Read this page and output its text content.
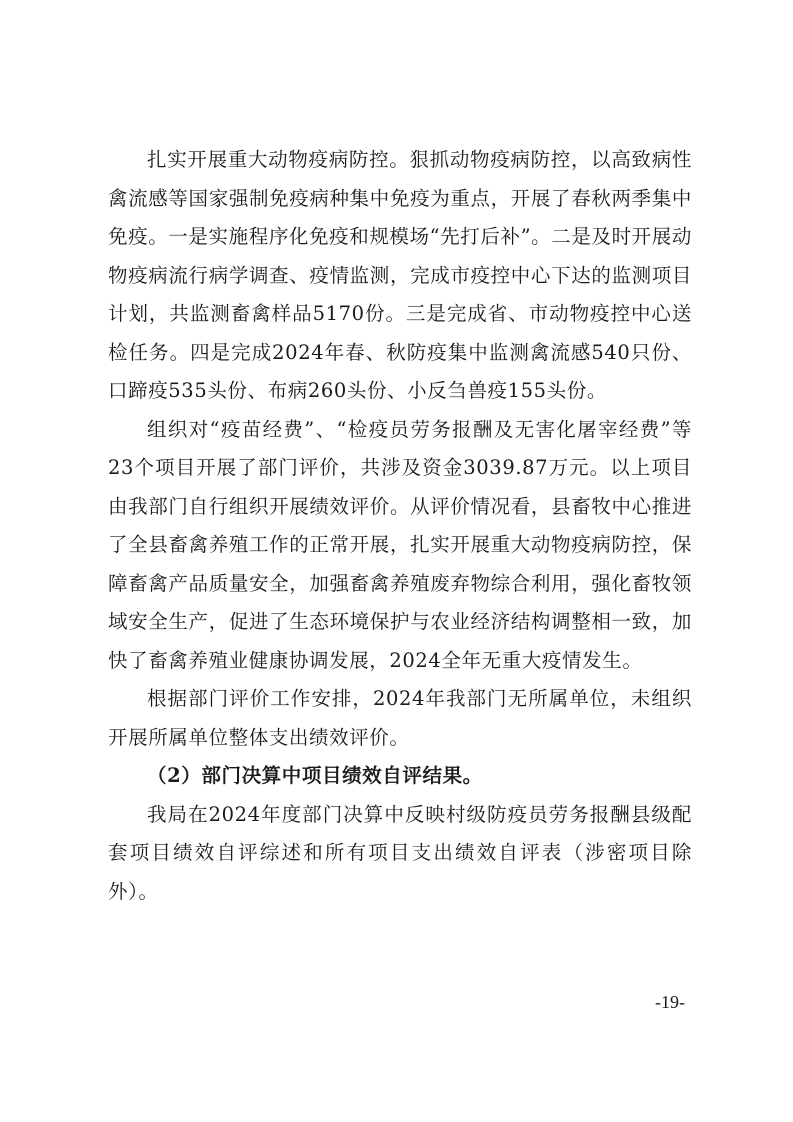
扎实开展重大动物疫病防控。狠抓动物疫病防控，以高致病性禽流感等国家强制免疫病种集中免疫为重点，开展了春秋两季集中免疫。一是实施程序化免疫和规模场“先打后补”。二是及时开展动物疫病流行病学调查、疫情监测，完成市疫控中心下达的监测项目计划，共监测畜禽样品5170份。三是完成省、市动物疫控中心送检任务。四是完成2024年春、秋防疫集中监测禽流感540只份、口蹄疫535头份、布病260头份、小反刍兽疫155头份。

组织对“疫苗经费”、“检疫员劳务报酬及无害化屠宰经费”等23个项目开展了部门评价，共涉及资金3039.87万元。以上项目由我部门自行组织开展绩效评价。从评价情况看，县畜牧中心推进了全县畜禽养殖工作的正常开展，扎实开展重大动物疫病防控，保障畜禽产品质量安全，加强畜禽养殖废弃物综合利用，强化畜牧领域安全生产，促进了生态环境保护与农业经济结构调整相一致，加快了畜禽养殖业健康协调发展，2024全年无重大疫情发生。

根据部门评价工作安排，2024年我部门无所属单位，未组织开展所属单位整体支出绩效评价。

（2）部门决算中项目绩效自评结果。

我局在2024年度部门决算中反映村级防疫员劳务报酬县级配套项目绩效自评综述和所有项目支出绩效自评表（涉密项目除外）。

-19-
